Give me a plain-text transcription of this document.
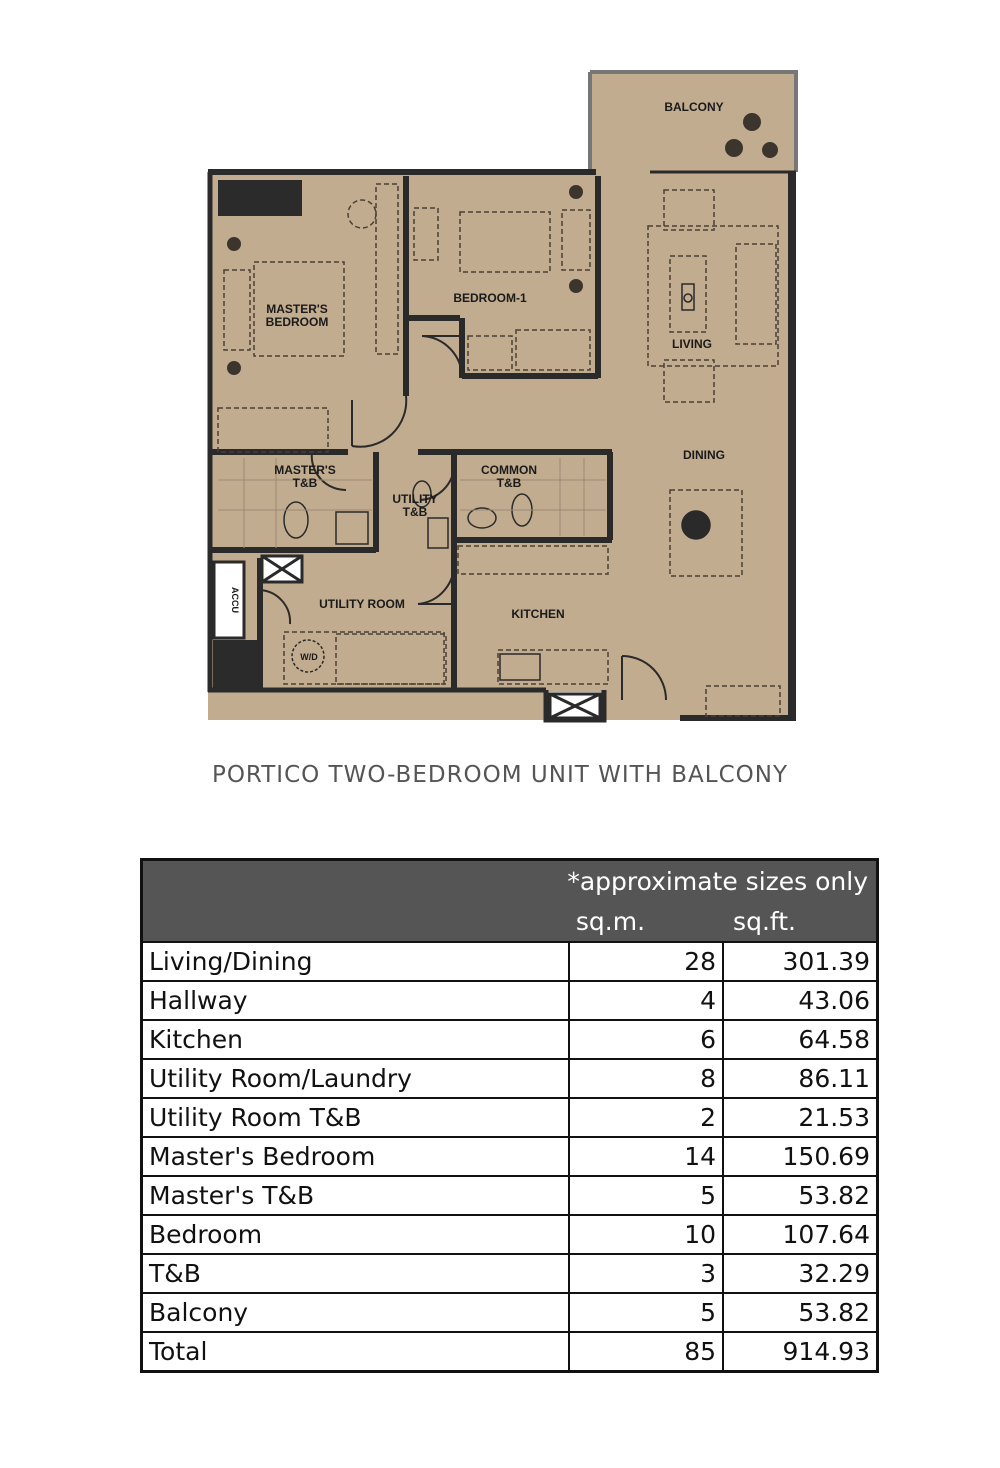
BALCONY
MASTER'S
BEDROOM
BEDROOM-1
LIVING
DINING
MASTER'S
T&B
UTILITY
T&B
COMMON
T&B
UTILITY ROOM
KITCHEN
ACCU
W/D
PORTICO TWO-BEDROOM UNIT WITH BALCONY
*approximate sizes only		
	sq.m.	sq.ft.
Living/Dining	28	301.39
Hallway	4	43.06
Kitchen	6	64.58
Utility Room/Laundry	8	86.11
Utility Room T&B	2	21.53
Master's Bedroom	14	150.69
Master's T&B	5	53.82
Bedroom	10	107.64
T&B	3	32.29
Balcony	5	53.82
Total	85	914.93
